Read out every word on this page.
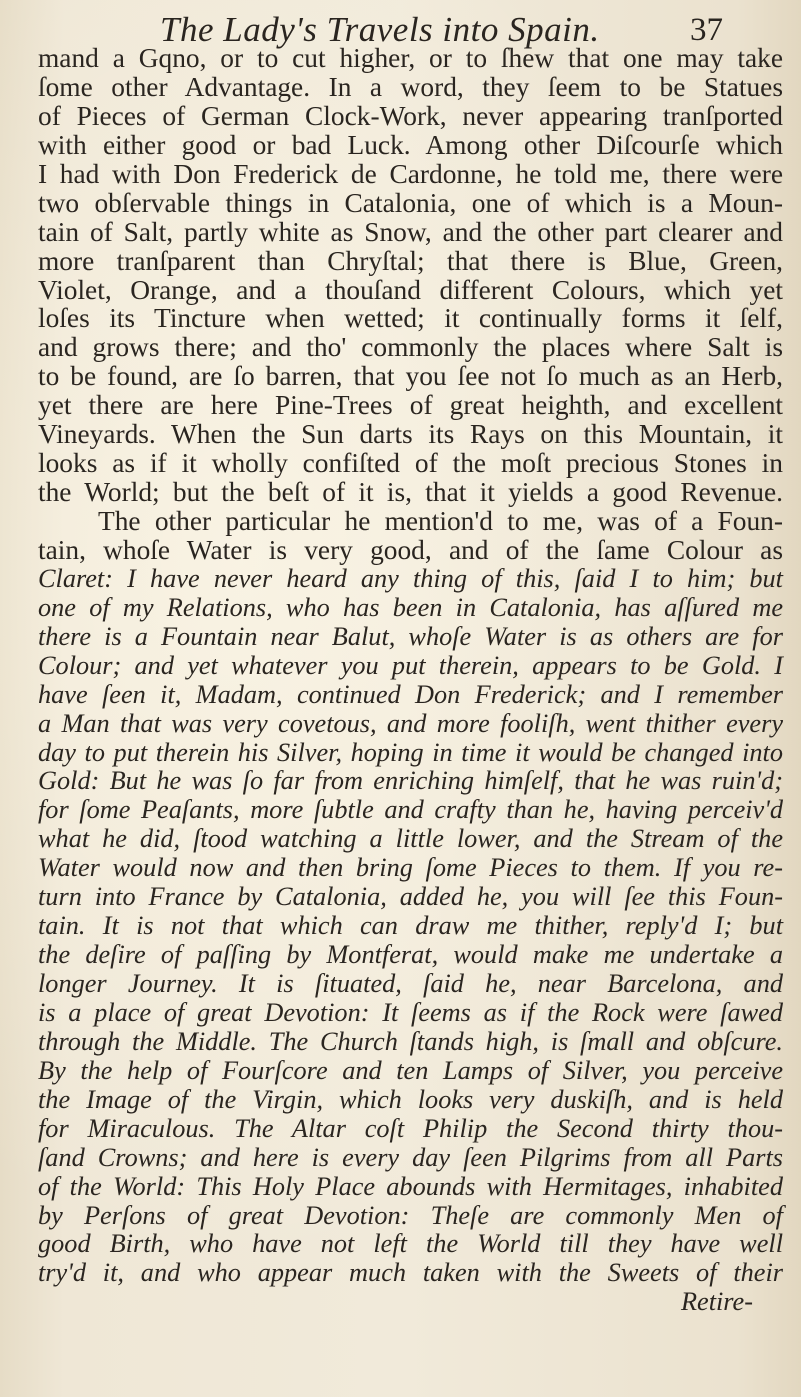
The Lady's Travels into Spain.	37
mand a Gqno, or to cut higher, or to ſhew that one may take
ſome other Advantage. In a word, they ſeem to be Statues
of Pieces of German Clock-Work, never appearing tranſported
with either good or bad Luck. Among other Diſcourſe which
I had with Don Frederick de Cardonne, he told me, there were
two obſervable things in Catalonia, one of which is a Moun-
tain of Salt, partly white as Snow, and the other part clearer and
more tranſparent than Chryſtal; that there is Blue, Green,
Violet, Orange, and a thouſand different Colours, which yet
loſes its Tincture when wetted; it continually forms it ſelf,
and grows there; and tho' commonly the places where Salt is
to be found, are ſo barren, that you ſee not ſo much as an Herb,
yet there are here Pine-Trees of great heighth, and excellent
Vineyards. When the Sun darts its Rays on this Mountain, it
looks as if it wholly confiſted of the moſt precious Stones in
the World; but the beſt of it is, that it yields a good Revenue.
The other particular he mention'd to me, was of a Foun-
tain, whoſe Water is very good, and of the ſame Colour as
Claret: I have never heard any thing of this, ſaid I to him; but
one of my Relations, who has been in Catalonia, has aſſured me
there is a Fountain near Balut, whoſe Water is as others are for
Colour; and yet whatever you put therein, appears to be Gold. I
have ſeen it, Madam, continued Don Frederick; and I remember
a Man that was very covetous, and more fooliſh, went thither every
day to put therein his Silver, hoping in time it would be changed into
Gold: But he was ſo far from enriching himſelf, that he was ruin'd;
for ſome Peaſants, more ſubtle and crafty than he, having perceiv'd
what he did, ſtood watching a little lower, and the Stream of the
Water would now and then bring ſome Pieces to them. If you re-
turn into France by Catalonia, added he, you will ſee this Foun-
tain. It is not that which can draw me thither, reply'd I; but
the deſire of paſſing by Montferat, would make me undertake a
longer Journey. It is ſituated, ſaid he, near Barcelona, and
is a place of great Devotion: It ſeems as if the Rock were ſawed
through the Middle. The Church ſtands high, is ſmall and obſcure.
By the help of Fourſcore and ten Lamps of Silver, you perceive
the Image of the Virgin, which looks very duskiſh, and is held
for Miraculous. The Altar coſt Philip the Second thirty thou-
ſand Crowns; and here is every day ſeen Pilgrims from all Parts
of the World: This Holy Place abounds with Hermitages, inhabited
by Perſons of great Devotion: Theſe are commonly Men of
good Birth, who have not left the World till they have well
try'd it, and who appear much taken with the Sweets of their
Retire-
